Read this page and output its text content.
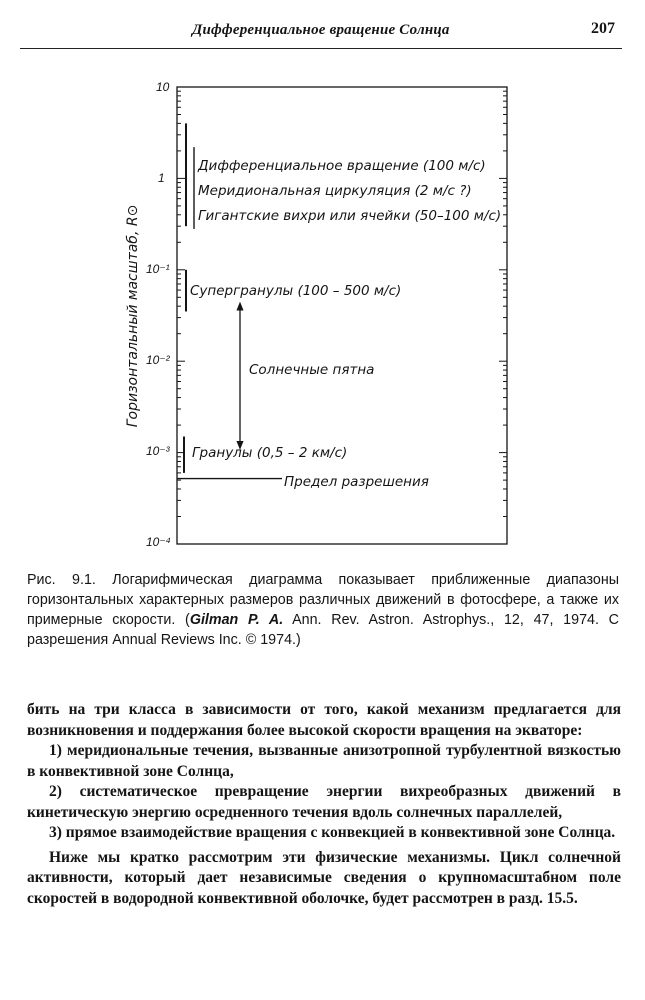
Дифференциальное вращение Солнца	207
10
1
10⁻¹
10⁻²
10⁻³
10⁻⁴
Горизонтальный масштаб, R⊙
Дифференциальное вращение (100 м/с)
Меридиональная циркуляция (2 м/с ?)
Гигантские вихри или ячейки (50–100 м/с)
Супергранулы (100 – 500 м/с)
Солнечные пятна
Гранулы (0,5 – 2 км/с)
Предел разрешения
Рис. 9.1. Логарифмическая диаграмма показывает приближенные диапазоны горизонтальных характерных размеров различных движений в фотосфере, а также их примерные скорости. (Gilman P. A. Ann. Rev. Astron. Astrophys., 12, 47, 1974. С разрешения Annual Reviews Inc. © 1974.)

бить на три класса в зависимости от того, какой механизм предлагается для возникновения и поддержания более высокой скорости вращения на экваторе:

1) меридиональные течения, вызванные анизотропной турбулентной вязкостью в конвективной зоне Солнца,

2) систематическое превращение энергии вихреобразных движений в кинетическую энергию осредненного течения вдоль солнечных параллелей,

3) прямое взаимодействие вращения с конвекцией в конвективной зоне Солнца.

Ниже мы кратко рассмотрим эти физические механизмы. Цикл солнечной активности, который дает независимые сведения о крупномасштабном поле скоростей в водородной конвективной оболочке, будет рассмотрен в разд. 15.5.
